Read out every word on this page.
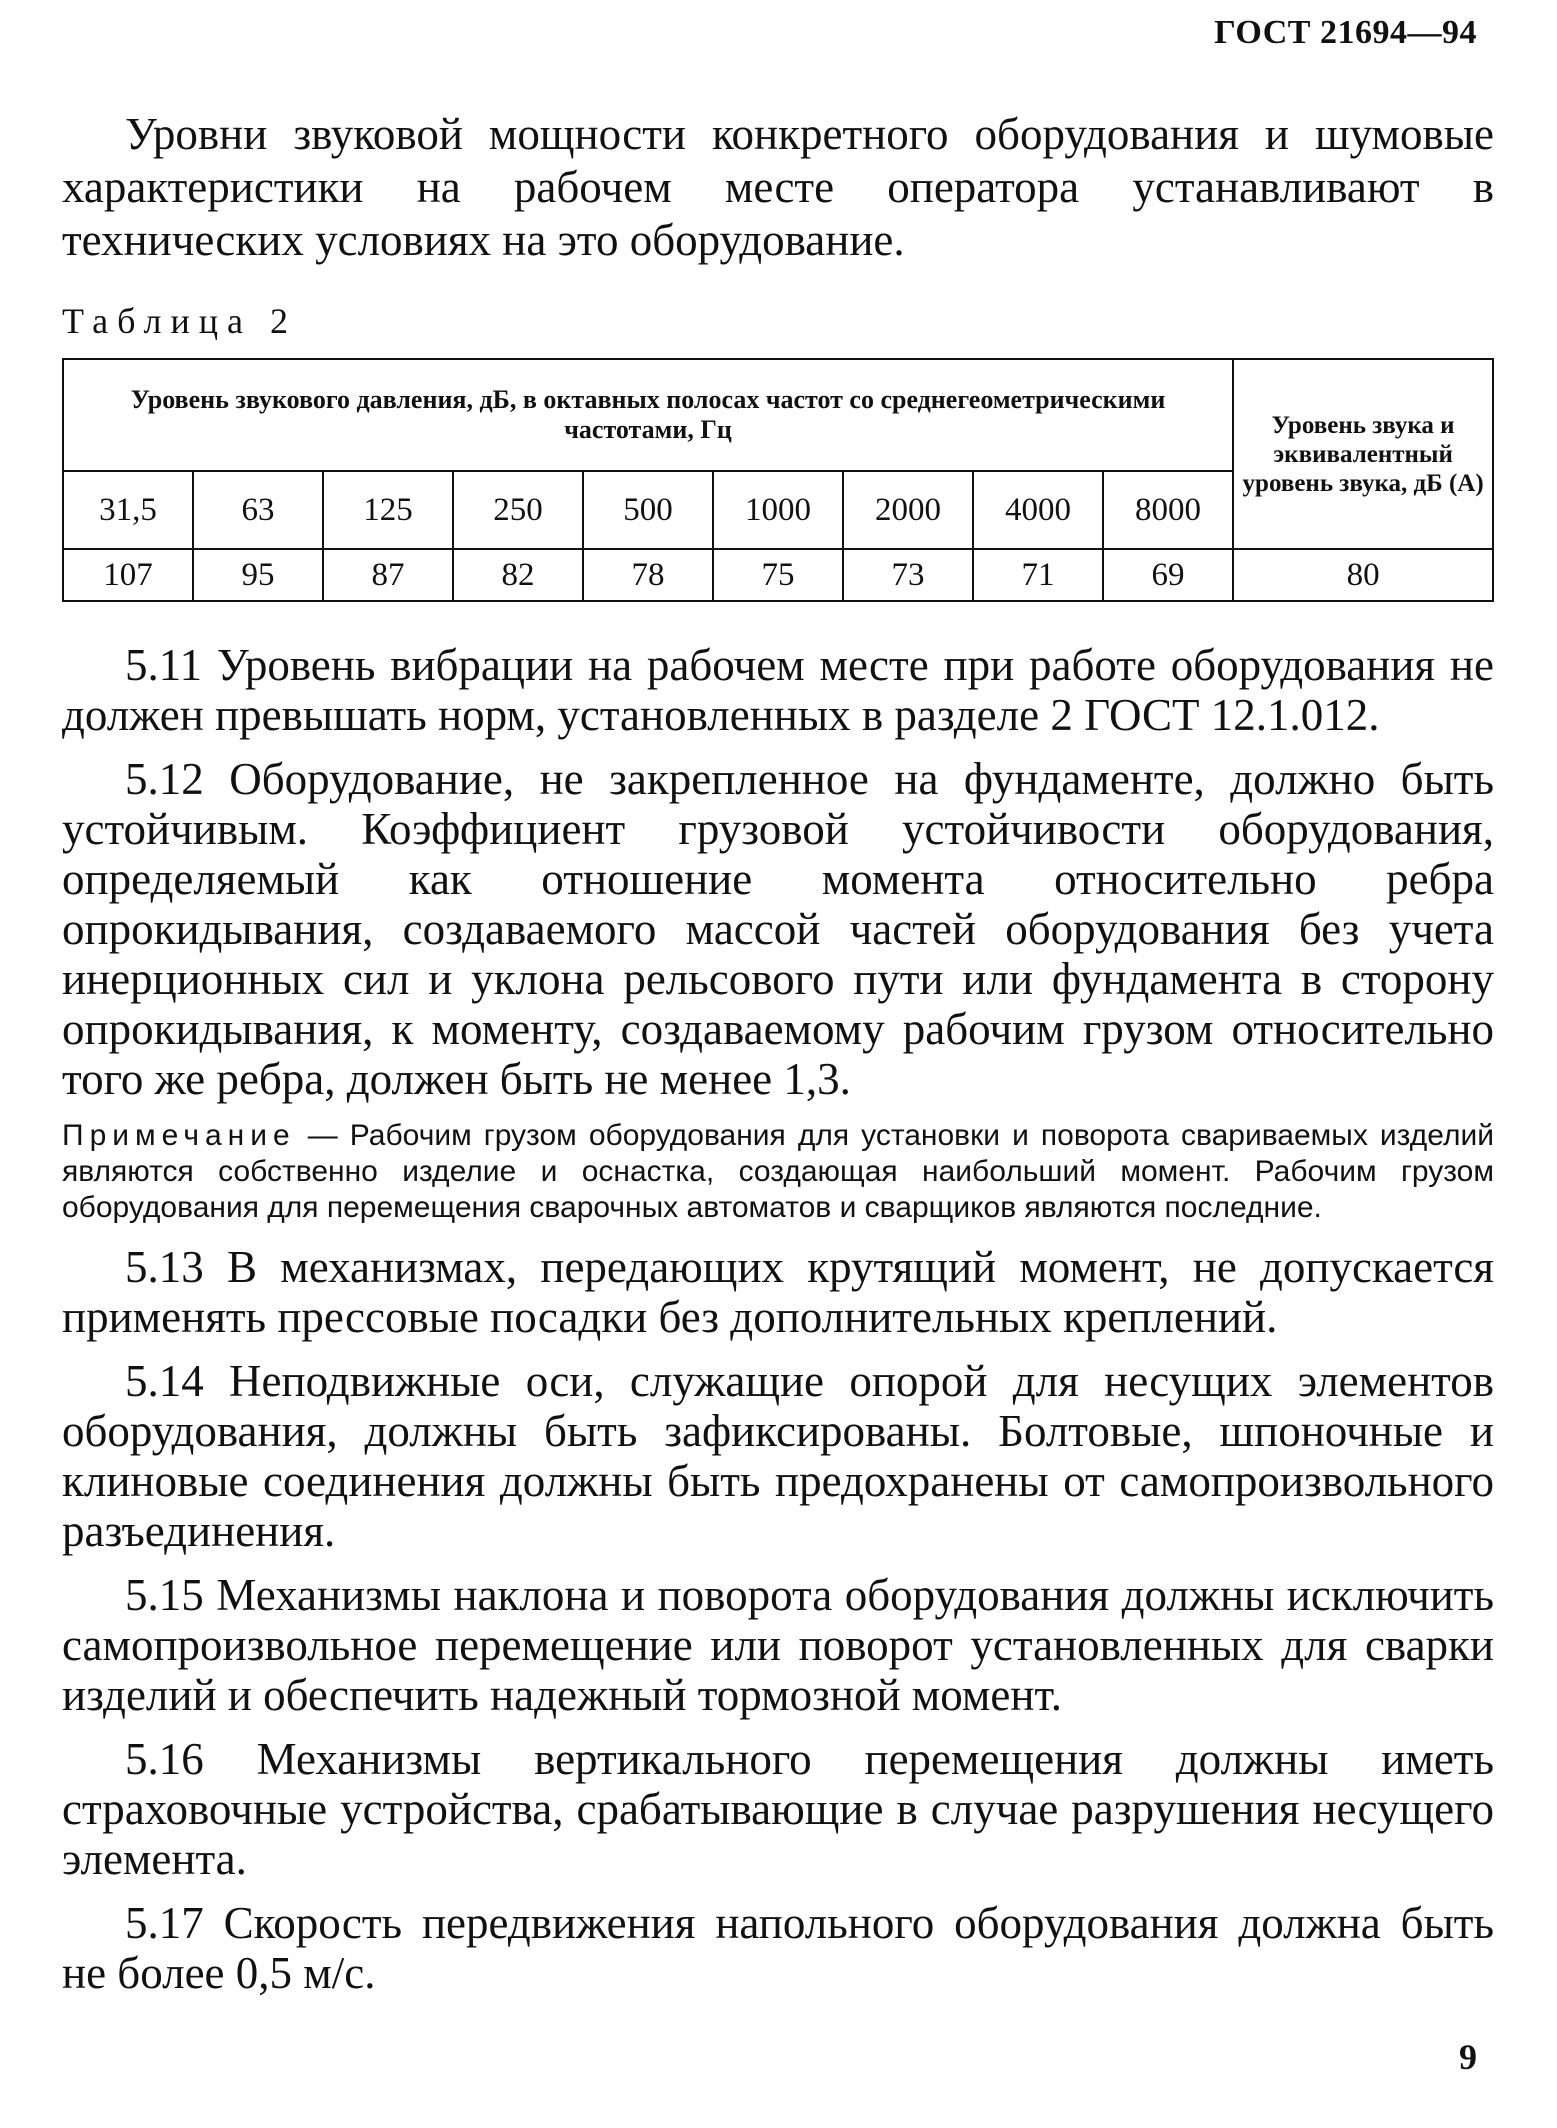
ГОСТ 21694—94

Уровни звуковой мощности конкретного оборудования и шумовые характеристики на рабочем месте оператора устанавливают в технических условиях на это оборудование.

Таблица 2
Уровень звукового давления, дБ, в октавных полосах частот со среднегеометрическими частотами, Гц									Уровень звука и эквивалентный уровень звука, дБ (А)
31,5	63	125	250	500	1000	2000	4000	8000	
107	95	87	82	78	75	73	71	69	80

5.11 Уровень вибрации на рабочем месте при работе оборудования не должен превышать норм, установленных в разделе 2 ГОСТ 12.1.012.

5.12 Оборудование, не закрепленное на фундаменте, должно быть устойчивым. Коэффициент грузовой устойчивости оборудования, определяемый как отношение момента относительно ребра опрокидывания, создаваемого массой частей оборудования без учета инерционных сил и уклона рельсового пути или фундамента в сторону опрокидывания, к моменту, создаваемому рабочим грузом относительно того же ребра, должен быть не менее 1,3.

Примечание — Рабочим грузом оборудования для установки и поворота свариваемых изделий являются собственно изделие и оснастка, создающая наибольший момент. Рабочим грузом оборудования для перемещения сварочных автоматов и сварщиков являются последние.

5.13 В механизмах, передающих крутящий момент, не допускается применять прессовые посадки без дополнительных креплений.

5.14 Неподвижные оси, служащие опорой для несущих элементов оборудования, должны быть зафиксированы. Болтовые, шпоночные и клиновые соединения должны быть предохранены от самопроизвольного разъединения.

5.15 Механизмы наклона и поворота оборудования должны исключить самопроизвольное перемещение или поворот установленных для сварки изделий и обеспечить надежный тормозной момент.

5.16 Механизмы вертикального перемещения должны иметь страховочные устройства, срабатывающие в случае разрушения несущего элемента.

5.17 Скорость передвижения напольного оборудования должна быть не более 0,5 м/с.

9
